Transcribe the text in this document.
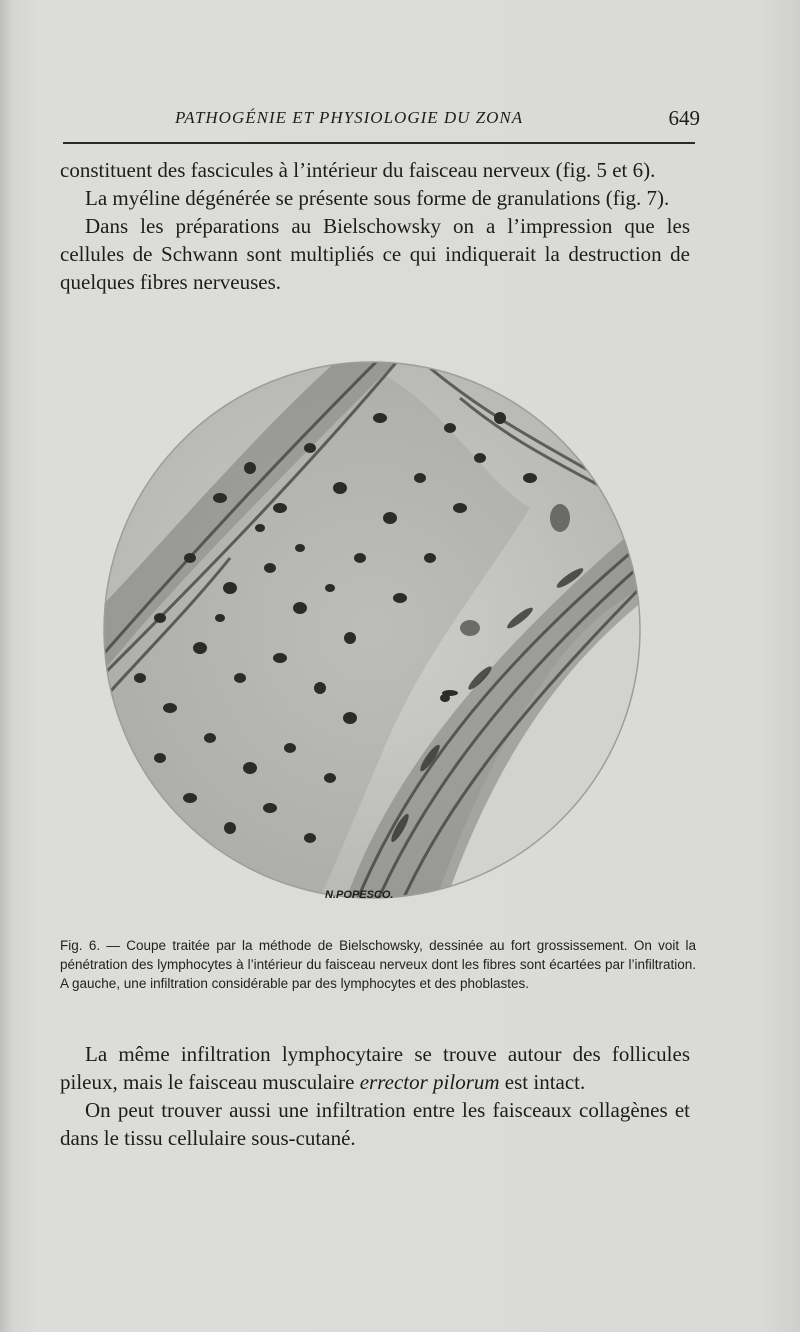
PATHOGÉNIE ET PHYSIOLOGIE DU ZONA	649

constituent des fascicules à l’intérieur du faisceau nerveux (fig. 5 et 6).

La myéline dégénérée se présente sous forme de granulations (fig. 7).

Dans les préparations au Bielschowsky on a l’impression que les cellules de Schwann sont multipliés ce qui indiquerait la destruction de quelques fibres nerveuses.

N.POPESCO.
Fig. 6. — Coupe traitée par la méthode de Bielschowsky, dessinée au fort grossissement. On voit la pénétration des lymphocytes à l’intérieur du faisceau nerveux dont les fibres sont écartées par l’infiltration. A gauche, une infiltration considérable par des lymphocytes et des phoblastes.

La même infiltration lymphocytaire se trouve autour des follicules pileux, mais le faisceau musculaire errector pilorum est intact.

On peut trouver aussi une infiltration entre les faisceaux collagènes et dans le tissu cellulaire sous-cutané.
